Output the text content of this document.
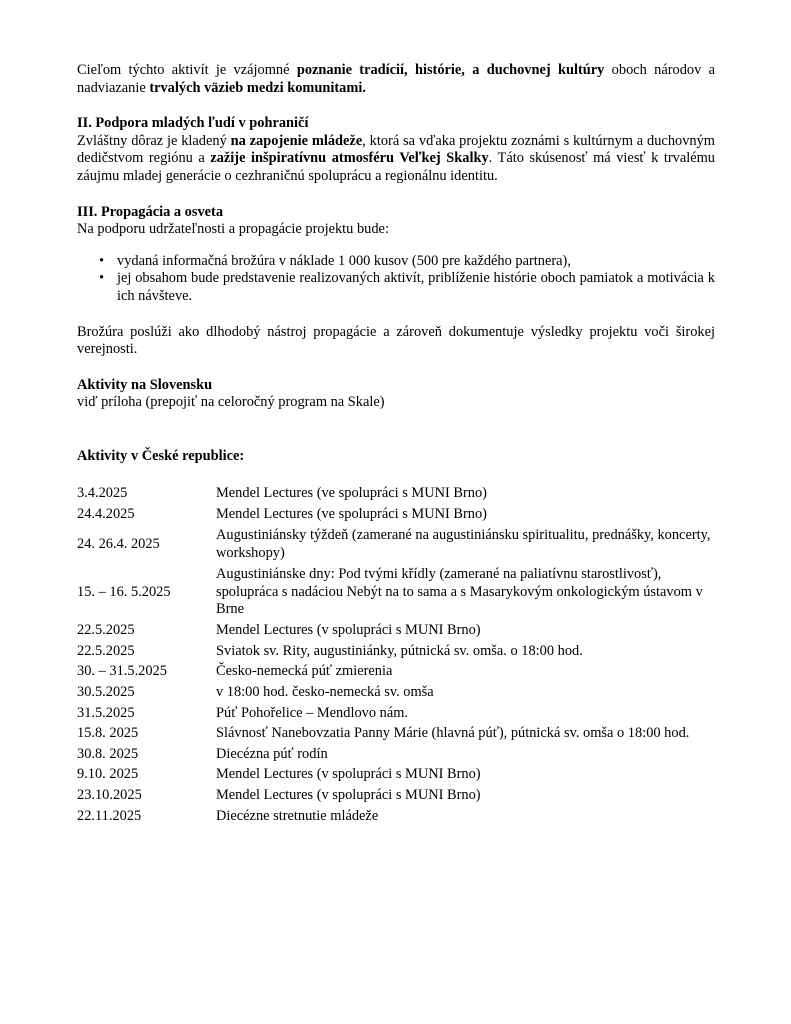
Cieľom týchto aktivít je vzájomné poznanie tradícií, histórie, a duchovnej kultúry oboch národov a nadviazanie trvalých väzieb medzi komunitami.

II. Podpora mladých ľudí v pohraničí

Zvláštny dôraz je kladený na zapojenie mládeže, ktorá sa vďaka projektu zoznámi s kultúrnym a duchovným dedičstvom regiónu a zažije inšpiratívnu atmosféru Veľkej Skalky. Táto skúsenosť má viesť k trvalému záujmu mladej generácie o cezhraničnú spoluprácu a regionálnu identitu.

III. Propagácia a osveta

Na podporu udržateľnosti a propagácie projektu bude:

• vydaná informačná brožúra v náklade 1 000 kusov (500 pre každého partnera),
• jej obsahom bude predstavenie realizovaných aktivít, priblíženie histórie oboch pamiatok a motivácia k ich návšteve.

Brožúra poslúži ako dlhodobý nástroj propagácie a zároveň dokumentuje výsledky projektu voči širokej verejnosti.

Aktivity na Slovensku

viď príloha (prepojiť na celoročný program na Skale)

Aktivity v České republice:

3.4.2025	Mendel Lectures (ve spolupráci s MUNI Brno)
24.4.2025	Mendel Lectures (ve spolupráci s MUNI Brno)
24. 26.4. 2025	Augustiniánsky týždeň (zamerané na augustiniánsku spiritualitu, prednášky, koncerty, workshopy)
15. – 16. 5.2025	Augustiniánske dny: Pod tvými křídly (zamerané na paliatívnu starostlivosť), spolupráca s nadáciou Nebýt na to sama a s Masarykovým onkologickým ústavom v Brne
22.5.2025	Mendel Lectures (v spolupráci s MUNI Brno)
22.5.2025	Sviatok sv. Rity, augustiniánky, pútnická sv. omša. o 18:00 hod.
30. – 31.5.2025	Česko-nemecká púť zmierenia
30.5.2025	v 18:00 hod. česko-nemecká sv. omša
31.5.2025	Púť Pohořelice – Mendlovo nám.
15.8. 2025	Slávnosť Nanebovzatia Panny Márie (hlavná púť), pútnická sv. omša o 18:00 hod.
30.8. 2025	Diecézna púť rodín
9.10. 2025	Mendel Lectures (v spolupráci s MUNI Brno)
23.10.2025	Mendel Lectures (v spolupráci s MUNI Brno)
22.11.2025	Diecézne stretnutie mládeže
